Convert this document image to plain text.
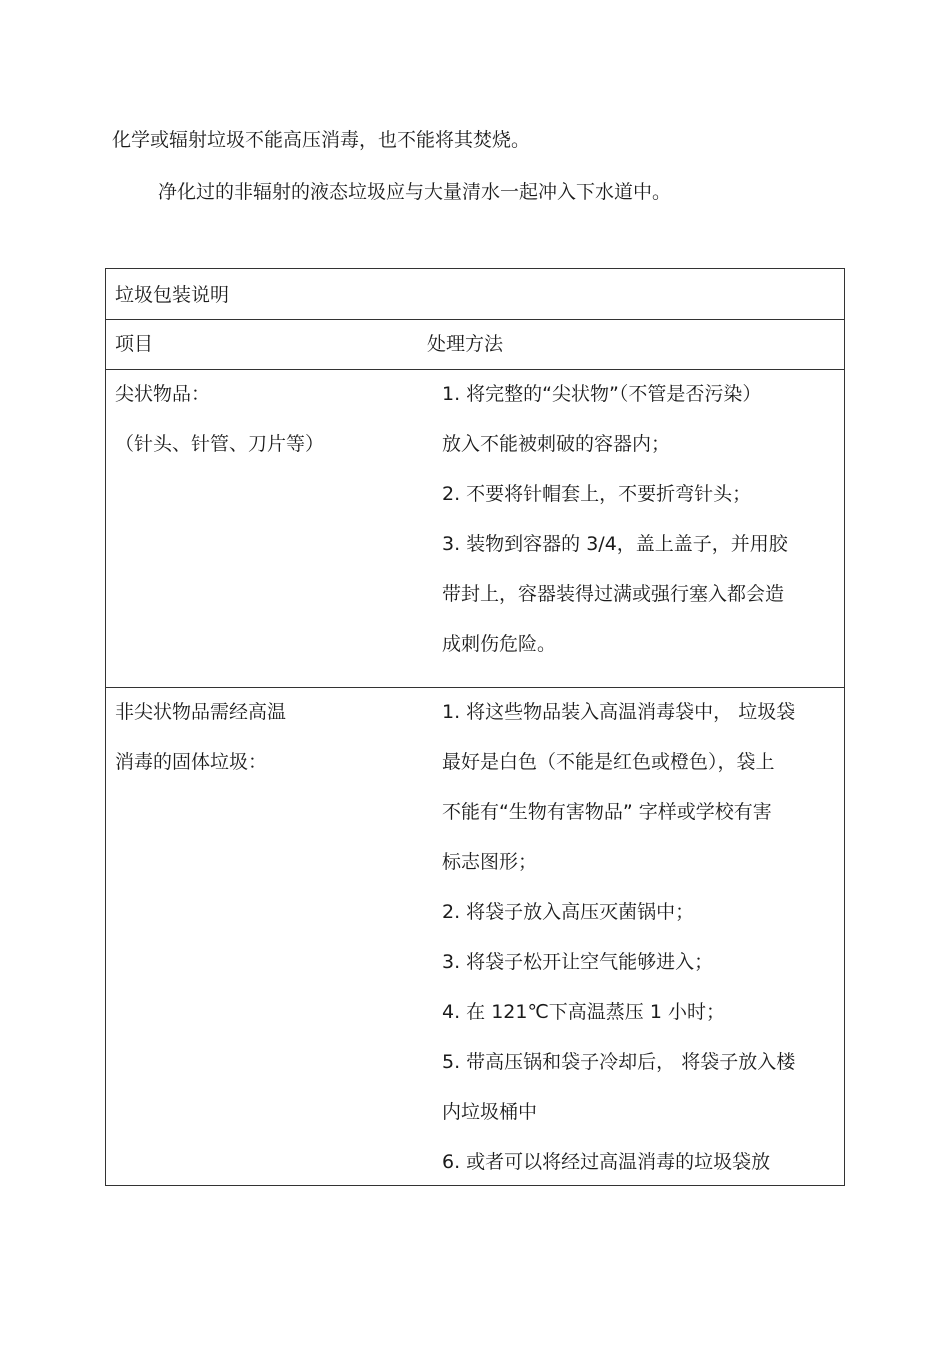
化学或辐射垃圾不能高压消毒，也不能将其焚烧。
净化过的非辐射的液态垃圾应与大量清水一起冲入下水道中。
垃圾包装说明
项目	处理方法
尖状物品：
（针头、针管、刀片等）
1. 将完整的“尖状物”（不管是否污染）
放入不能被刺破的容器内；
2. 不要将针帽套上，不要折弯针头；
3. 装物到容器的 3/4，盖上盖子，并用胶
带封上，容器装得过满或强行塞入都会造
成刺伤危险。
非尖状物品需经高温
消毒的固体垃圾：
1. 将这些物品装入高温消毒袋中， 垃圾袋
最好是白色（不能是红色或橙色），袋上
不能有“生物有害物品” 字样或学校有害
标志图形；
2. 将袋子放入高压灭菌锅中；
3. 将袋子松开让空气能够进入；
4. 在 121℃下高温蒸压 1 小时；
5. 带高压锅和袋子冷却后， 将袋子放入楼
内垃圾桶中
6. 或者可以将经过高温消毒的垃圾袋放
